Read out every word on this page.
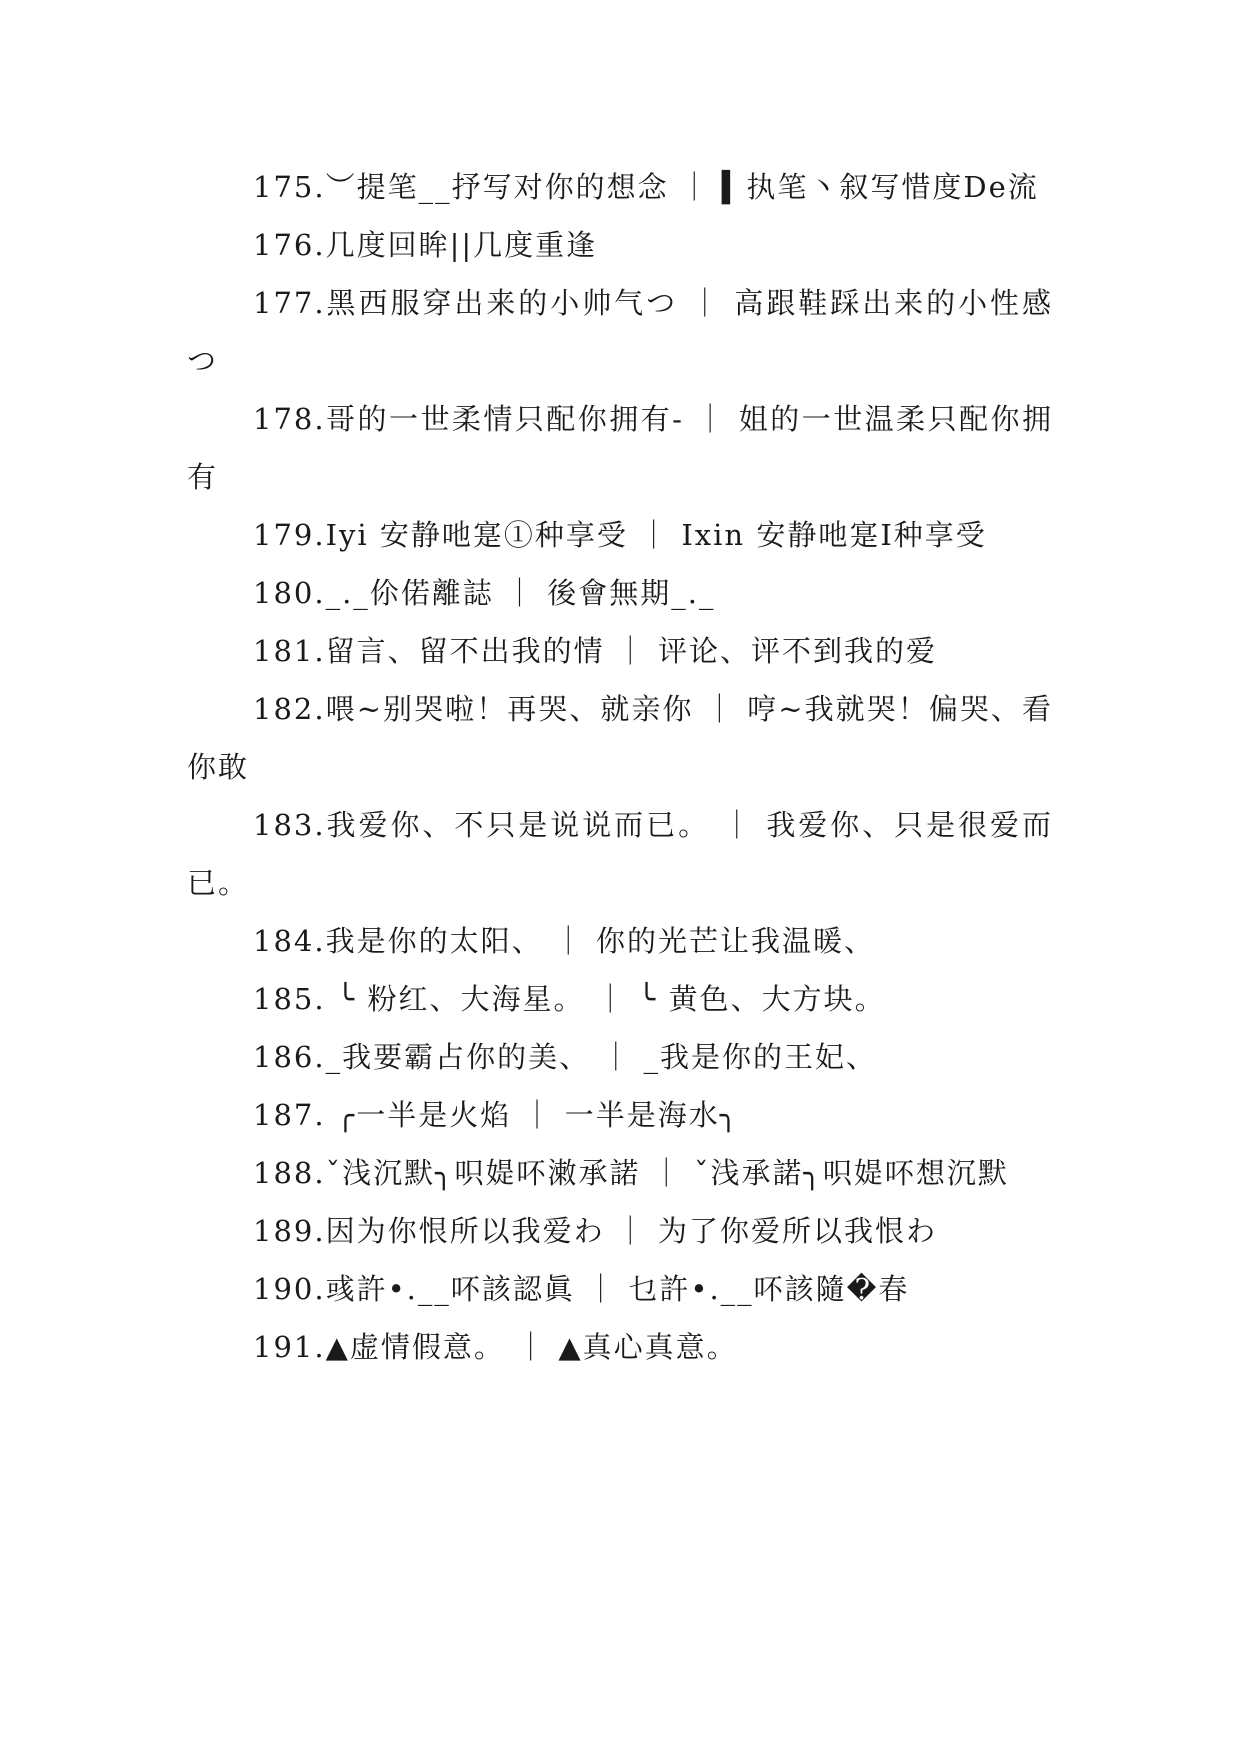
175.︶提笔__抒写对你的想念 ｜ ▍执笔丶叙写惜度De流

176.几度回眸||几度重逢

177.黑西服穿出来的小帅气つ ｜ 高跟鞋踩出来的小性感つ

178.哥的一世柔情只配你拥有- ｜ 姐的一世温柔只配你拥有

179.Ⅰyi 安静吔寔①种享受 ｜ Ⅰxin 安静吔寔Ⅰ种享受

180._._伱偌離誌 ｜ 後會無期_._

181.留言、留不出我的情 ｜ 评论、评不到我的爱

182.喂~别哭啦！再哭、就亲你 ｜ 哼~我就哭！偏哭、看你敢

183.我爱你、不只是说说而已。 ｜ 我爱你、只是很爱而已。

184.我是你的太阳、 ｜ 你的光芒让我温暖、

185. ╰ 粉红、大海星。 ｜ ╰ 黄色、大方块。

186._我要霸占你的美、 ｜ _我是你的王妃、

187. ╭一半是火焰 ｜ 一半是海水╮

188.ˇ浅沉默╮呮媞吥潄承諾 ｜ ˇ浅承諾╮呮媞吥想沉默

189.因为你恨所以我爱わ ｜ 为了你爱所以我恨わ

190.彧許•.__吥該認眞 ｜ 乜許•.__吥該隨�春

191.▲虚情假意。 ｜ ▲真心真意。
